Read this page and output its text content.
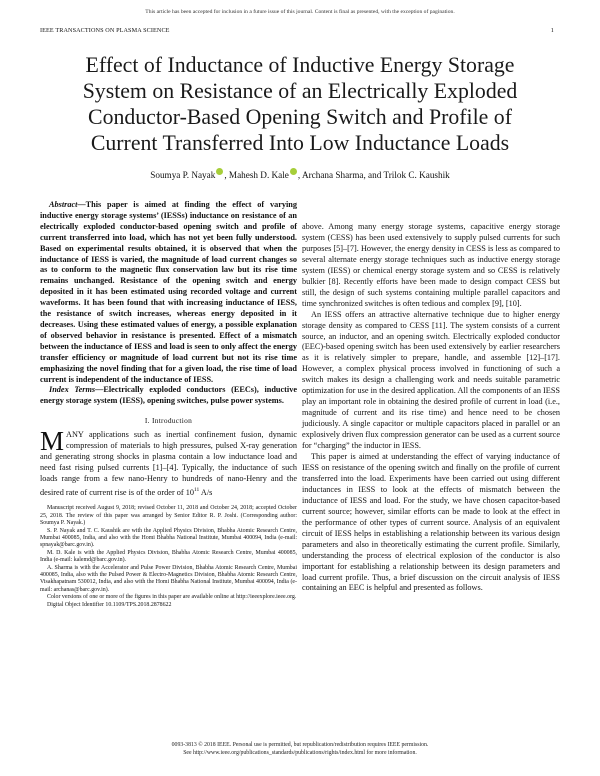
This article has been accepted for inclusion in a future issue of this journal. Content is final as presented, with the exception of pagination.
IEEE TRANSACTIONS ON PLASMA SCIENCE	1
Effect of Inductance of Inductive Energy Storage
System on Resistance of an Electrically Exploded
Conductor-Based Opening Switch and Profile of
Current Transferred Into Low Inductance Loads
Soumya P. Nayak , Mahesh D. Kale , Archana Sharma, and Trilok C. Kaushik

Abstract—This paper is aimed at finding the effect of varying inductive energy storage systems’ (IESSs) inductance on resistance of an electrically exploded conductor-based opening switch and profile of current transferred into load, which has not yet been fully understood. Based on experimental results obtained, it is observed that when the inductance of IESS is varied, the magnitude of load current changes so as to conform to the magnetic flux conservation law but its rise time remains unchanged. Resistance of the opening switch and energy deposited in it has been estimated using recorded voltage and current waveforms. It has been found that with increasing inductance of IESS, the resistance of switch increases, whereas energy deposited in it decreases. Using these estimated values of energy, a possible explanation of observed behavior in resistance is presented. Effect of a mismatch between the inductance of IESS and load is seen to only affect the energy transfer efficiency or magnitude of load current but not its rise time emphasizing the novel finding that for a given load, the rise time of load current is independent of the inductance of IESS.

Index Terms—Electrically exploded conductors (EECs), inductive energy storage system (IESS), opening switches, pulse power systems.

I. Introduction

MANY applications such as inertial confinement fusion, dynamic compression of materials to high pressures, pulsed X-ray generation and generating strong shocks in plasma contain a low inductance load and need fast rising pulsed currents [1]–[4]. Typically, the inductance of such loads range from a few nano-Henry to hundreds of nano-Henry and the desired rate of current rise is of the order of $10^{11}$ A/s

Manuscript received August 9, 2018; revised October 11, 2018 and October 24, 2018; accepted October 25, 2018. The review of this paper was arranged by Senior Editor R. P. Joshi. (Corresponding author: Soumya P. Nayak.)

S. P. Nayak and T. C. Kaushik are with the Applied Physics Division, Bhabha Atomic Research Centre, Mumbai 400085, India, and also with the Homi Bhabha National Institute, Mumbai 400094, India (e-mail: spnayak@barc.gov.in).

M. D. Kale is with the Applied Physics Division, Bhabha Atomic Research Centre, Mumbai 400085, India (e-mail: kalemd@barc.gov.in).

A. Sharma is with the Accelerator and Pulse Power Division, Bhabha Atomic Research Centre, Mumbai 400085, India, also with the Pulsed Power & Electro-Magnetics Division, Bhabha Atomic Research Centre, Visakhapatnam 530012, India, and also with the Homi Bhabha National Institute, Mumbai 400094, India (e-mail: archanas@barc.gov.in).

Color versions of one or more of the figures in this paper are available online at http://ieeexplore.ieee.org.

Digital Object Identifier 10.1109/TPS.2018.2878622

above. Among many energy storage systems, capacitive energy storage system (CESS) has been used extensively to supply pulsed currents for such purposes [5]–[7]. However, the energy density in CESS is less as compared to several alternate energy storage techniques such as inductive energy storage system (IESS) or chemical energy storage system and so CESS is relatively bulkier [8]. Recently efforts have been made to design compact CESS but still, the design of such systems containing multiple parallel capacitors and time synchronized switches is often tedious and complex [9], [10].

An IESS offers an attractive alternative technique due to higher energy storage density as compared to CESS [11]. The system consists of a current source, an inductor, and an opening switch. Electrically exploded conductor (EEC)-based opening switch has been used extensively by earlier researchers as it is relatively simpler to prepare, handle, and assemble [12]–[17]. However, a complex physical process involved in functioning of such a switch makes its design a challenging work and needs suitable parametric optimization for use in the desired application. All the components of an IESS play an important role in obtaining the desired profile of current in load (i.e., magnitude of current and its rise time) and hence need to be chosen judiciously. A single capacitor or multiple capacitors placed in parallel or an explosively driven flux compression generator can be used as a current source for “charging” the inductor in IESS.

This paper is aimed at understanding the effect of varying inductance of IESS on resistance of the opening switch and finally on the profile of current transferred into the load. Experiments have been carried out using different inductances in IESS to look at the effects of mismatch between the inductance of IESS and load. For the study, we have chosen capacitor-based current source; however, similar efforts can be made to look at the effect in the performance of other types of current source. Analysis of an equivalent circuit of IESS helps in establishing a relationship between its various design parameters and also in theoretically estimating the current profile. Similarly, understanding the process of electrical explosion of the conductor is also important for establishing a relationship between its design parameters and load current profile. Thus, a brief discussion on the circuit analysis of IESS containing an EEC is helpful and presented as follows.

0093-3813 © 2018 IEEE. Personal use is permitted, but republication/redistribution requires IEEE permission.
See http://www.ieee.org/publications_standards/publications/rights/index.html for more information.
